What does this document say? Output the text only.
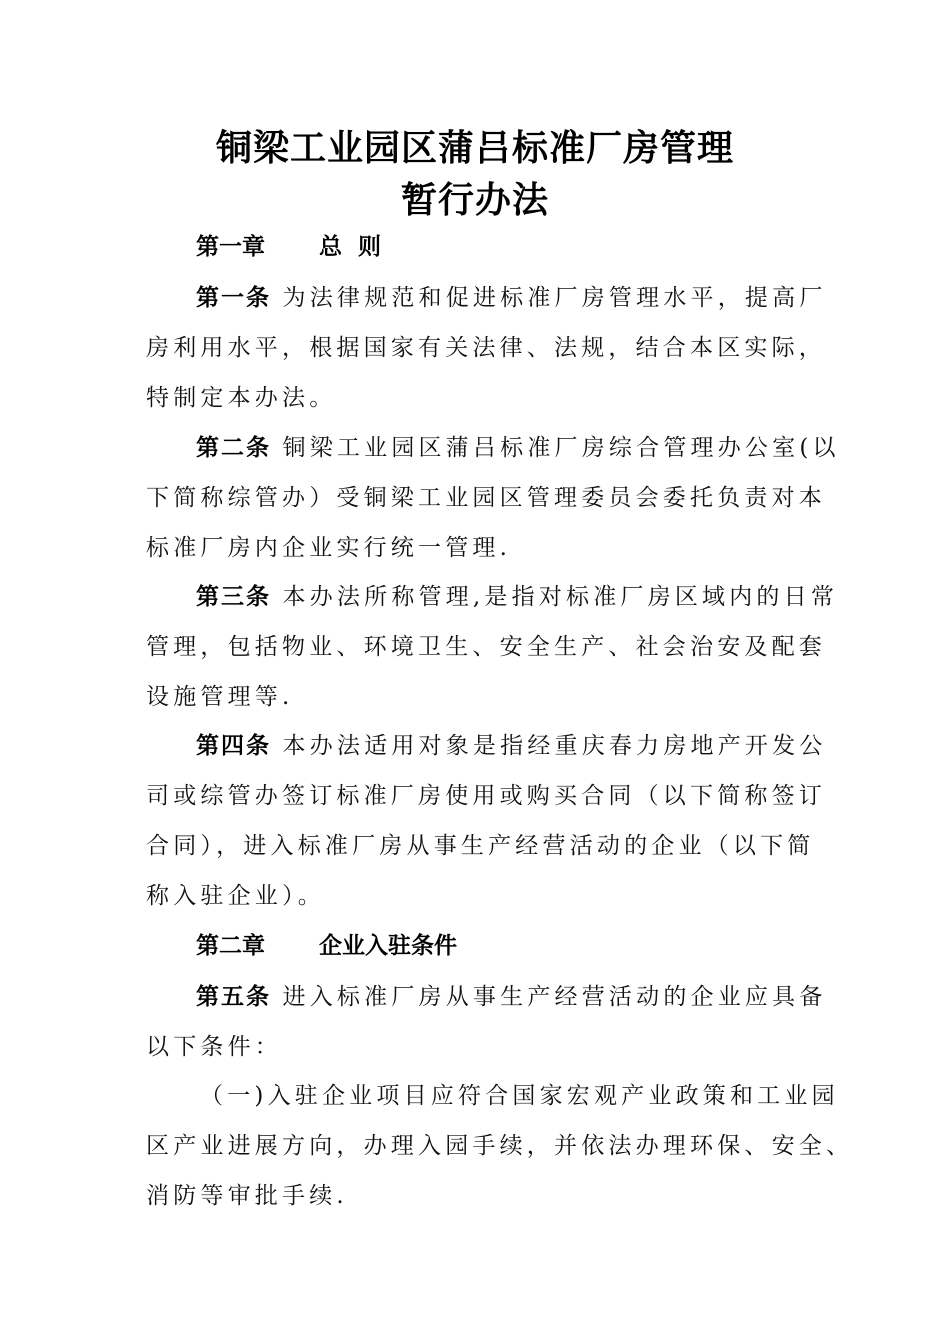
铜梁工业园区蒲吕标准厂房管理
暂行办法
第一章 总  则
第一条 为法律规范和促进标准厂房管理水平，提高厂
房利用水平，根据国家有关法律、法规，结合本区实际，
特制定本办法。
第二条 铜梁工业园区蒲吕标准厂房综合管理办公室(以
下简称综管办）受铜梁工业园区管理委员会委托负责对本
标准厂房内企业实行统一管理.
第三条 本办法所称管理,是指对标准厂房区域内的日常
管理，包括物业、环境卫生、安全生产、社会治安及配套
设施管理等.
第四条 本办法适用对象是指经重庆春力房地产开发公
司或综管办签订标准厂房使用或购买合同（以下简称签订
合同），进入标准厂房从事生产经营活动的企业（以下简
称入驻企业）。
第二章 企业入驻条件
第五条 进入标准厂房从事生产经营活动的企业应具备
以下条件：
（一)入驻企业项目应符合国家宏观产业政策和工业园
区产业进展方向，办理入园手续，并依法办理环保、安全、
消防等审批手续.
